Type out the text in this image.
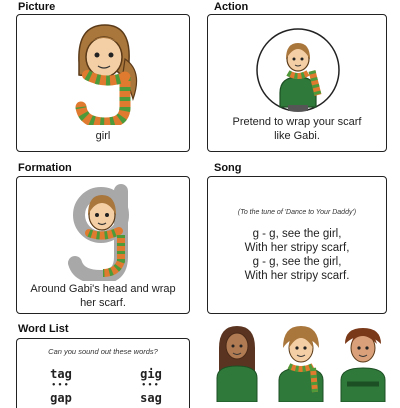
Picture
girl
Action
Pretend to wrap your scarf
like Gabi.
Formation
Around Gabi's head and wrap
her scarf.
Song
(To the tune of 'Dance to Your Daddy')
g - g, see the girl,
With her stripy scarf,
g - g, see the girl,
With her stripy scarf.
Word List
Can you sound out these words?
tag
•••
gig
•••
gap	sag
